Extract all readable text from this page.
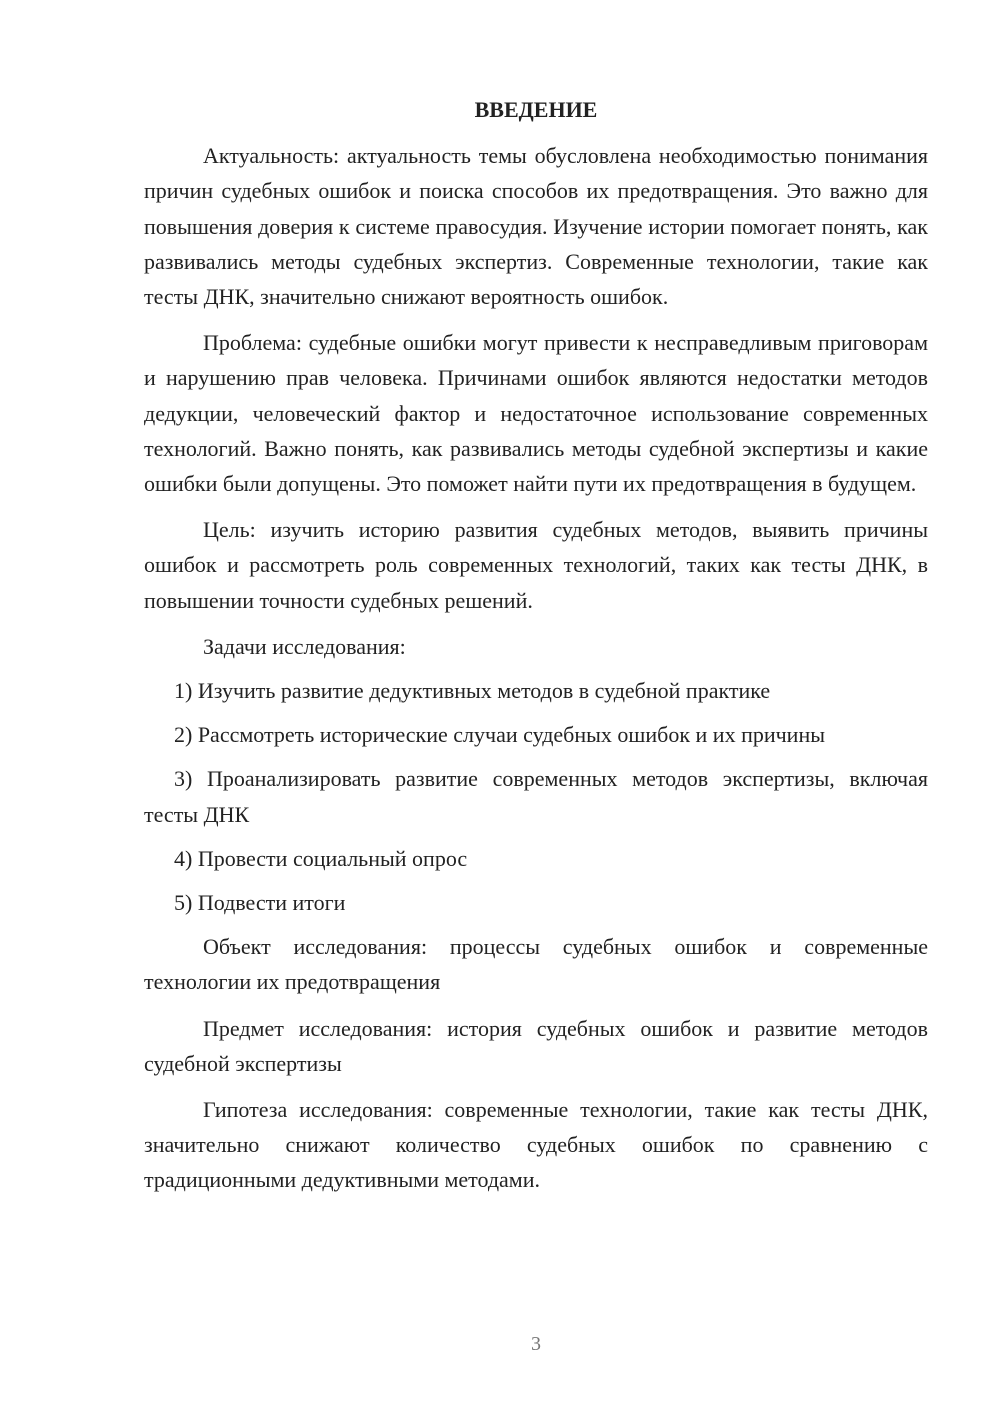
ВВЕДЕНИЕ

Актуальность: актуальность темы обусловлена необходимостью понимания причин судебных ошибок и поиска способов их предотвращения. Это важно для повышения доверия к системе правосудия. Изучение истории помогает понять, как развивались методы судебных экспертиз. Современные технологии, такие как тесты ДНК, значительно снижают вероятность ошибок.

Проблема: судебные ошибки могут привести к несправедливым приговорам и нарушению прав человека. Причинами ошибок являются недостатки методов дедукции, человеческий фактор и недостаточное использование современных технологий. Важно понять, как развивались методы судебной экспертизы и какие ошибки были допущены. Это поможет найти пути их предотвращения в будущем.

Цель: изучить историю развития судебных методов, выявить причины ошибок и рассмотреть роль современных технологий, таких как тесты ДНК, в повышении точности судебных решений.

Задачи исследования:

1) Изучить развитие дедуктивных методов в судебной практике

2) Рассмотреть исторические случаи судебных ошибок и их причины

3) Проанализировать развитие современных методов экспертизы, включая тесты ДНК

4) Провести социальный опрос

5) Подвести итоги

Объект исследования: процессы судебных ошибок и современные технологии их предотвращения

Предмет исследования: история судебных ошибок и развитие методов судебной экспертизы

Гипотеза исследования: современные технологии, такие как тесты ДНК, значительно снижают количество судебных ошибок по сравнению с традиционными дедуктивными методами.

3
